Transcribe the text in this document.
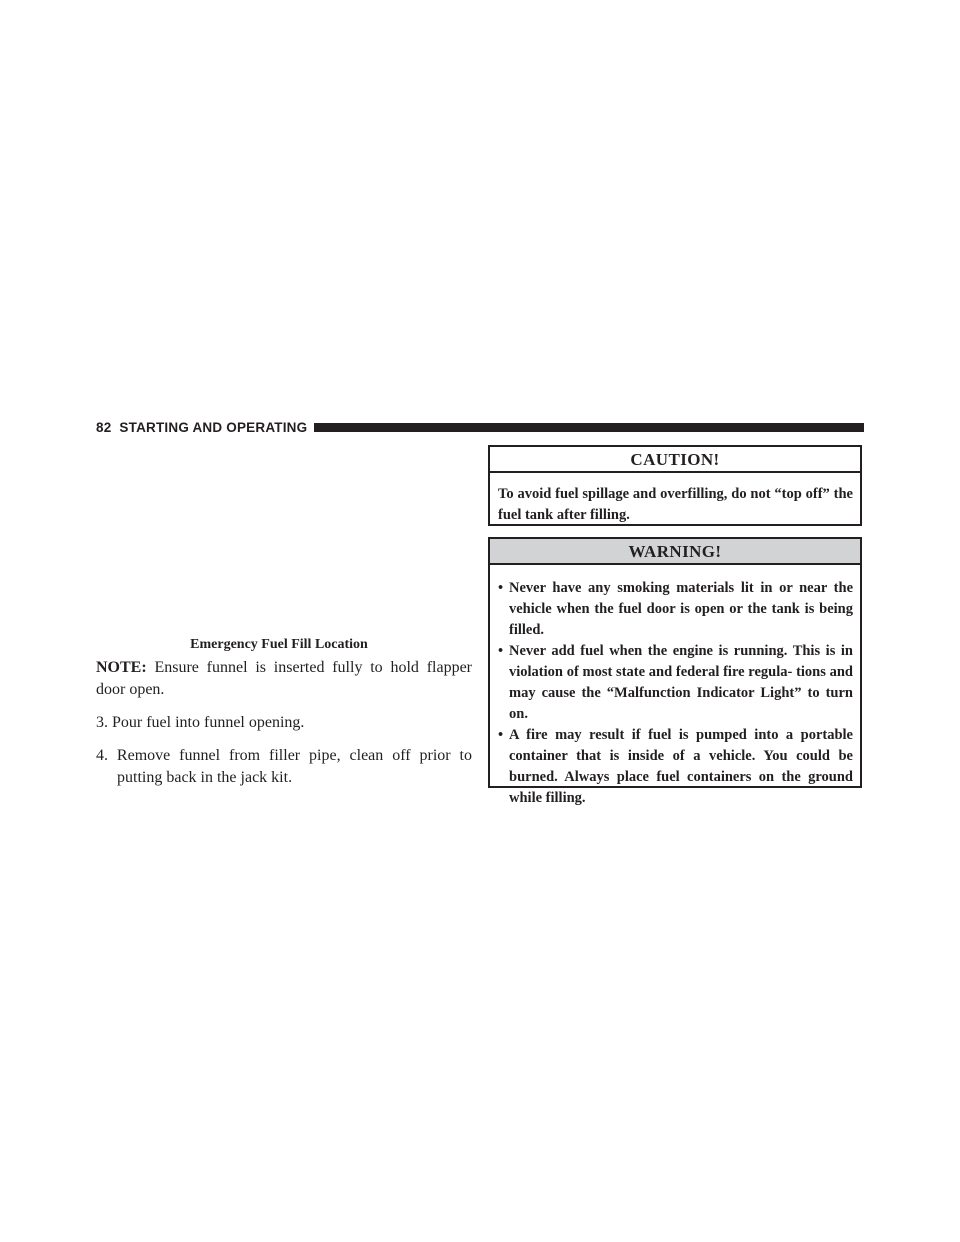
82 STARTING AND OPERATING
Emergency Fuel Fill Location

NOTE: Ensure funnel is inserted fully to hold flapper door open.

3. Pour fuel into funnel opening.
4. Remove funnel from filler pipe, clean off prior to putting back in the jack kit.
CAUTION!
To avoid fuel spillage and overfilling, do not “top off” the fuel tank after filling.
WARNING!
• Never have any smoking materials lit in or near the vehicle when the fuel door is open or the tank is being filled.
• Never add fuel when the engine is running. This is in violation of most state and federal fire regula- tions and may cause the “Malfunction Indicator Light” to turn on.
• A fire may result if fuel is pumped into a portable container that is inside of a vehicle. You could be burned. Always place fuel containers on the ground while filling.
